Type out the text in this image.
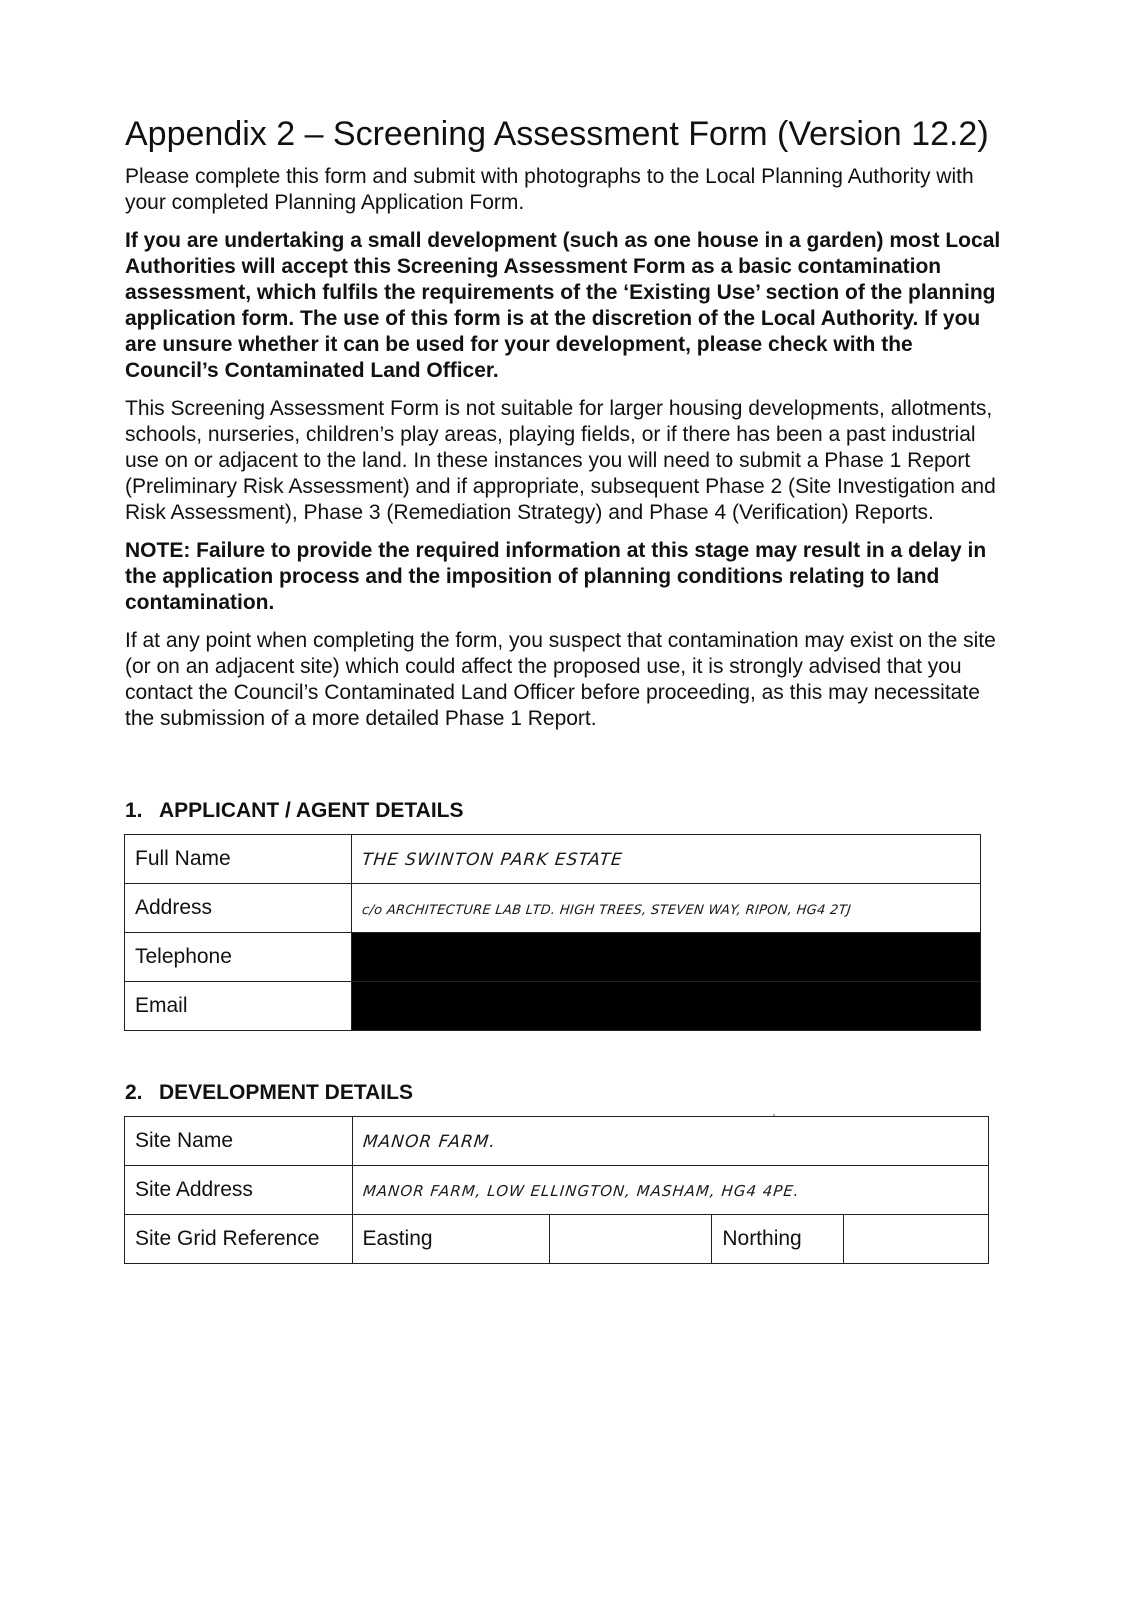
Appendix 2 – Screening Assessment Form (Version 12.2)

Please complete this form and submit with photographs to the Local Planning Authority with your completed Planning Application Form.

If you are undertaking a small development (such as one house in a garden) most Local Authorities will accept this Screening Assessment Form as a basic contamination assessment, which fulfils the requirements of the ‘Existing Use’ section of the planning application form. The use of this form is at the discretion of the Local Authority. If you are unsure whether it can be used for your development, please check with the Council’s Contaminated Land Officer.

This Screening Assessment Form is not suitable for larger housing developments, allotments, schools, nurseries, children’s play areas, playing fields, or if there has been a past industrial use on or adjacent to the land. In these instances you will need to submit a Phase 1 Report (Preliminary Risk Assessment) and if appropriate, subsequent Phase 2 (Site Investigation and Risk Assessment), Phase 3 (Remediation Strategy) and Phase 4 (Verification) Reports.

NOTE: Failure to provide the required information at this stage may result in a delay in the application process and the imposition of planning conditions relating to land contamination.

If at any point when completing the form, you suspect that contamination may exist on the site (or on an adjacent site) which could affect the proposed use, it is strongly advised that you contact the Council’s Contaminated Land Officer before proceeding, as this may necessitate the submission of a more detailed Phase 1 Report.

1. APPLICANT / AGENT DETAILS
Full Name	THE SWINTON PARK ESTATE
Address	c/o ARCHITECTURE LAB LTD. HIGH TREES, STEVEN WAY, RIPON, HG4 2TJ
Telephone	
Email	
2. DEVELOPMENT DETAILS
Site Name	MANOR FARM.			
Site Address	MANOR FARM, LOW ELLINGTON, MASHAM, HG4 4PE.			
Site Grid Reference	Easting		Northing	
